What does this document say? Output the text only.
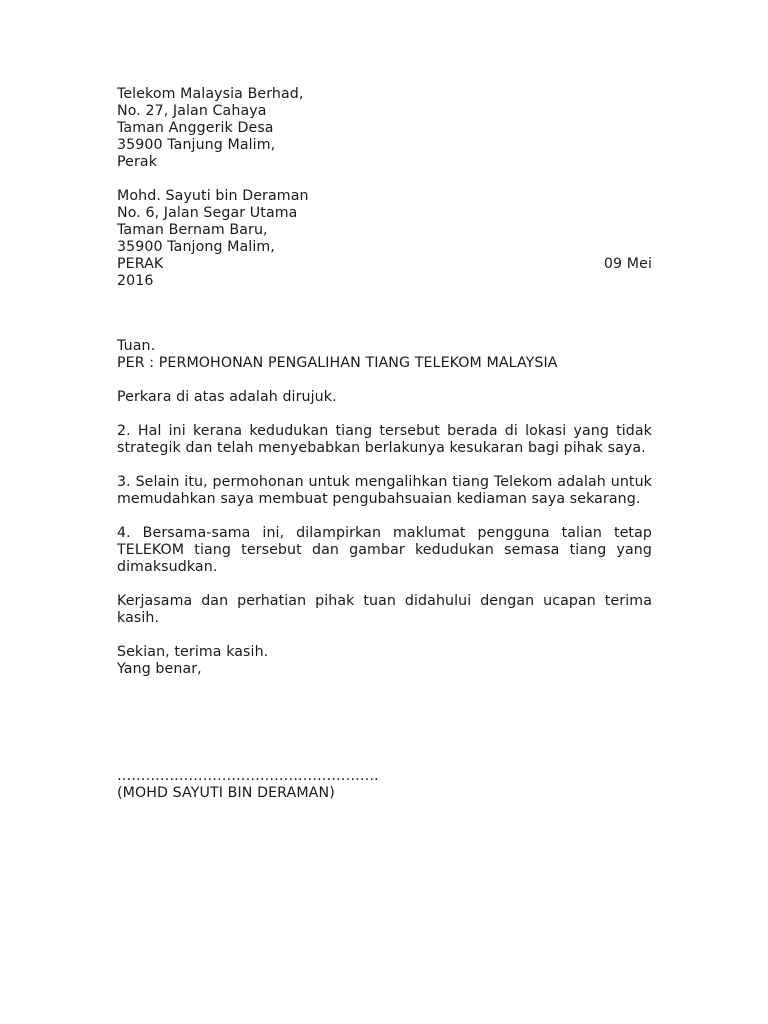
Telekom Malaysia Berhad,
No. 27, Jalan Cahaya
Taman Anggerik Desa
35900 Tanjung Malim,
Perak
Mohd. Sayuti bin Deraman
No. 6, Jalan Segar Utama
Taman Bernam Baru,
35900 Tanjong Malim,
PERAK	09 Mei
2016
Tuan.
PER : PERMOHONAN PENGALIHAN TIANG TELEKOM MALAYSIA

Perkara di atas adalah dirujuk.

2. Hal ini kerana kedudukan tiang tersebut berada di lokasi yang tidak strategik dan telah menyebabkan berlakunya kesukaran bagi pihak saya.

3. Selain itu, permohonan untuk mengalihkan tiang Telekom adalah untuk memudahkan saya membuat pengubahsuaian kediaman saya sekarang.

4. Bersama-sama ini, dilampirkan maklumat pengguna talian tetap TELEKOM tiang tersebut dan gambar kedudukan semasa tiang yang dimaksudkan.

Kerjasama dan perhatian pihak tuan didahului dengan ucapan terima kasih.

Sekian, terima kasih.
Yang benar,
……………………………………………….
(MOHD SAYUTI BIN DERAMAN)
